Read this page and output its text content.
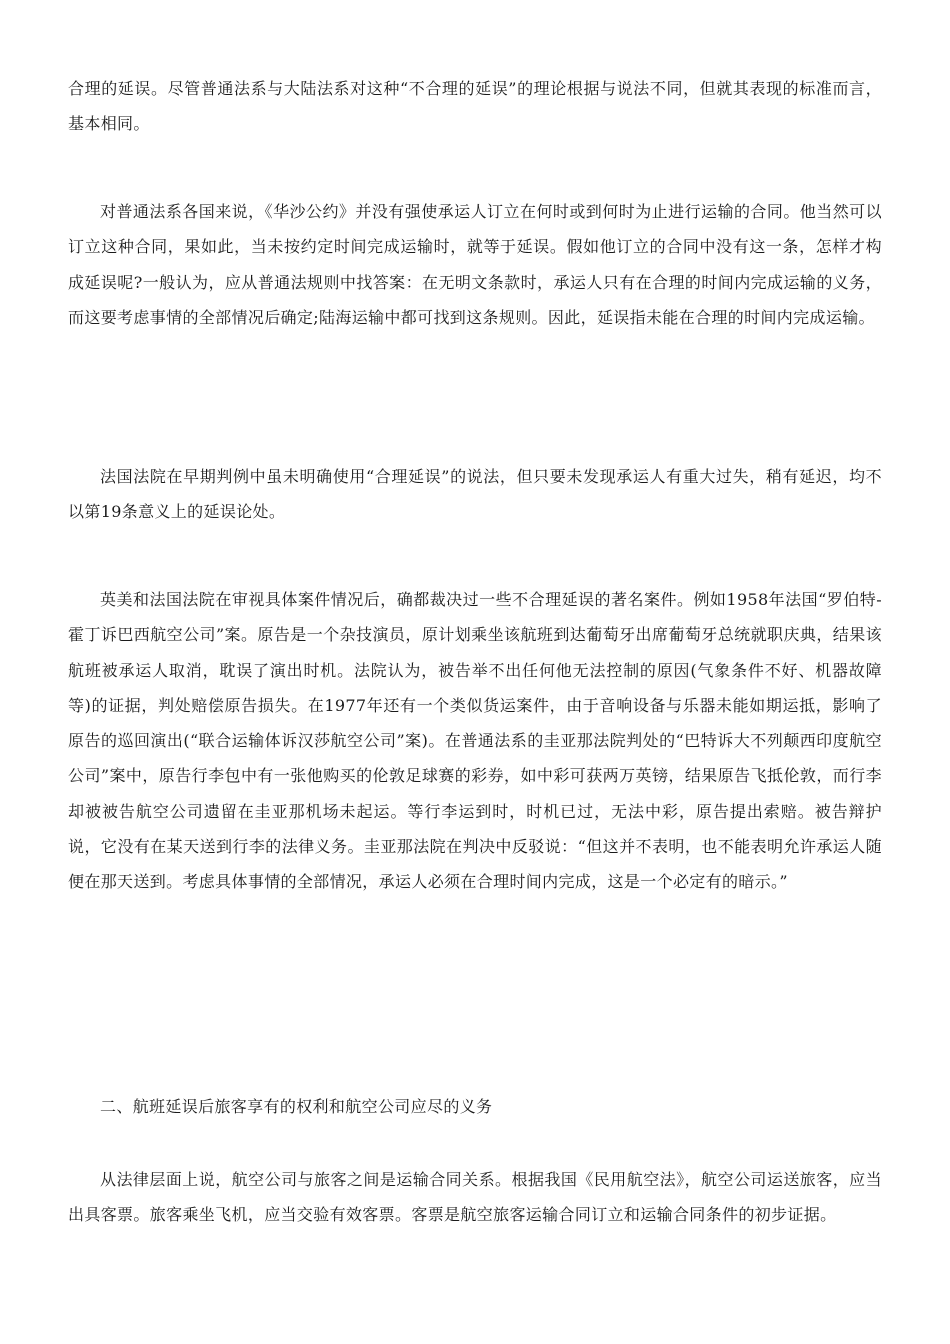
合理的延误。尽管普通法系与大陆法系对这种“不合理的延误”的理论根据与说法不同，但就其表现的标准而言，基本相同。

对普通法系各国来说，《华沙公约》并没有强使承运人订立在何时或到何时为止进行运输的合同。他当然可以订立这种合同，果如此，当未按约定时间完成运输时，就等于延误。假如他订立的合同中没有这一条，怎样才构成延误呢?一般认为，应从普通法规则中找答案：在无明文条款时，承运人只有在合理的时间内完成运输的义务，而这要考虑事情的全部情况后确定;陆海运输中都可找到这条规则。因此，延误指未能在合理的时间内完成运输。

法国法院在早期判例中虽未明确使用“合理延误”的说法，但只要未发现承运人有重大过失，稍有延迟，均不以第19条意义上的延误论处。

英美和法国法院在审视具体案件情况后，确都裁决过一些不合理延误的著名案件。例如1958年法国“罗伯特-霍丁诉巴西航空公司”案。原告是一个杂技演员，原计划乘坐该航班到达葡萄牙出席葡萄牙总统就职庆典，结果该航班被承运人取消，耽误了演出时机。法院认为，被告举不出任何他无法控制的原因(气象条件不好、机器故障等)的证据，判处赔偿原告损失。在1977年还有一个类似货运案件，由于音响设备与乐器未能如期运抵，影响了原告的巡回演出(“联合运输体诉汉莎航空公司”案)。在普通法系的圭亚那法院判处的“巴特诉大不列颠西印度航空公司”案中，原告行李包中有一张他购买的伦敦足球赛的彩券，如中彩可获两万英镑，结果原告飞抵伦敦，而行李却被被告航空公司遗留在圭亚那机场未起运。等行李运到时，时机已过，无法中彩，原告提出索赔。被告辩护说，它没有在某天送到行李的法律义务。圭亚那法院在判决中反驳说：“但这并不表明，也不能表明允许承运人随便在那天送到。考虑具体事情的全部情况，承运人必须在合理时间内完成，这是一个必定有的暗示。”

二、航班延误后旅客享有的权利和航空公司应尽的义务

从法律层面上说，航空公司与旅客之间是运输合同关系。根据我国《民用航空法》，航空公司运送旅客，应当出具客票。旅客乘坐飞机，应当交验有效客票。客票是航空旅客运输合同订立和运输合同条件的初步证据。
